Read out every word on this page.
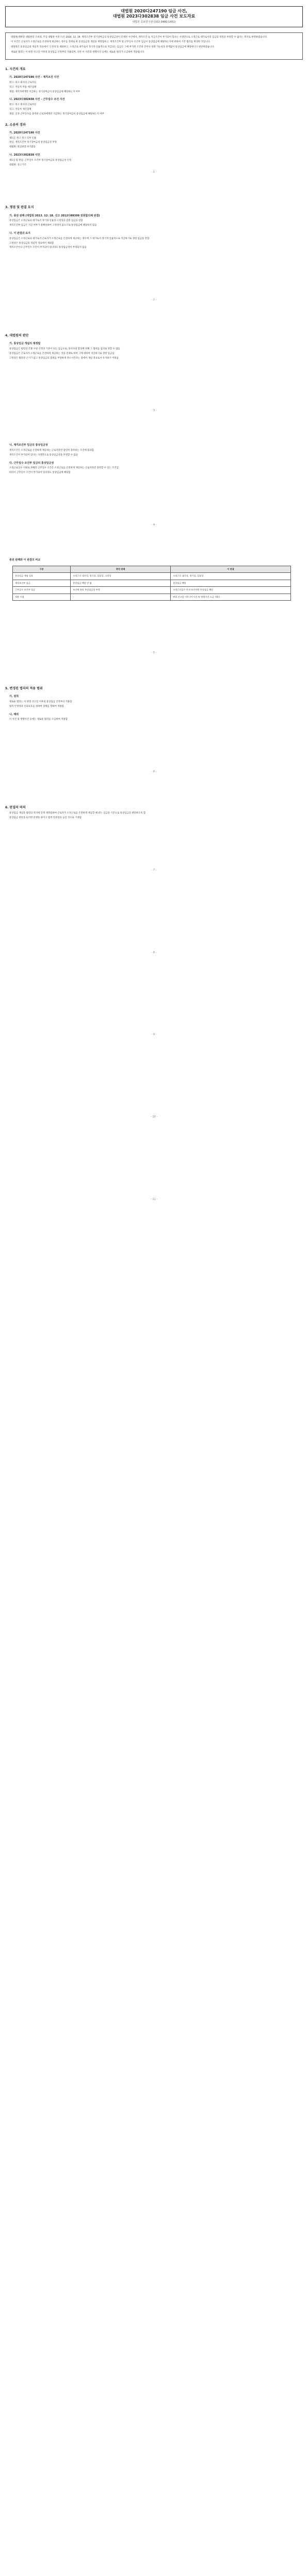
대법원 2020다247190 임금 사건,
대법원 2023다302838 임금 사건 보도자료
대법원 공보연구관실(02-3480-1451)

대법원(재판장 대법원장 조희대, 주심 대법관 이흥구)은 2024. 12. 19. 재직조건부 정기상여금의 통상임금성이 문제된 사건에서, 재직조건 등 지급조건이 부가되어 있다는 사정만으로 소정근로 대가로서의 임금의 성질을 부정할 수 없다는 취지로 판결하였습니다.

이 사건은 근로자가 소정근로를 온전하게 제공하는 경우를 전제로 한 통상임금의 개념을 재정립하고, 재직조건부 및 근무일수 조건부 임금이 통상임금에 해당하는지에 관하여 기존 법리를 변경한 것입니다.

대법원은 통상임금의 개념적 징표에서 '고정성'을 제외하고, 소정근로 대가로서 정기적·일률적으로 지급되는 임금은 그에 부가된 조건의 존부나 성취 가능성과 관계없이 통상임금에 해당한다고 판단하였습니다.

새로운 법리는 이 판결 선고일 이후의 통상임금 산정부터 적용되며, 다만 이 사건과 병행사건 등에는 새로운 법리가 소급하여 적용됩니다.

1. 사건의 개요
가. 2020다247190 사건 – 재직조건 사건

원고: 피고 회사의 근로자들

피고: 자동차 부품 제조업체

쟁점: 재직자에게만 지급하는 정기상여금이 통상임금에 해당하는지 여부

나. 2023다302838 사건 – 근무일수 조건 사건

원고: 피고 회사의 근로자들

피고: 자동차 제조업체

쟁점: 일정 근무일수를 충족한 근로자에게만 지급하는 정기상여금이 통상임금에 해당하는지 여부

2. 소송의 경과
가. 2020다247190 사건

제1심: 원고 청구 일부 인용

원심: 재직조건부 정기상여금의 통상임금성 부정

대법원: 원심판결 파기환송

나. 2023다302838 사건

제1심 및 원심: 근무일수 조건부 정기상여금의 통상임금성 인정

대법원: 상고기각

- 1 -
3. 쟁점 및 판결 요지
가. 종전 판례 (대법원 2013. 12. 18. 선고 2012다89399 전원합의체 판결)

통상임금은 소정근로의 대가로서 정기성·일률성·고정성을 갖춘 임금을 말함

재직조건부 임금은 지급 여부가 불확실하여 고정성이 없으므로 통상임금에 해당하지 않음

나. 이 판결의 요지

통상임금은 소정근로의 대가로서 근로자가 소정근로를 온전하게 제공하는 경우에 그 대가로서 정기적·일률적으로 지급하기로 정한 임금을 말함

고정성은 통상임금의 개념적 징표에서 제외함

재직조건이나 근무일수 조건이 부가되어 있더라도 통상임금성이 부정되지 않음

- 2 -
4. 대법원의 판단
가. 통상임금 개념의 재정립

통상임금은 법령상 각종 수당 산정의 기준이 되는 임금으로, 당사자의 합의에 의해 그 범위를 임의로 정할 수 없음

통상임금은 근로자가 소정근로를 온전하게 제공하는 것을 전제로 하여 그에 대하여 지급하기로 정한 임금임

고정성은 법령상 근거가 없고 통상임금의 범위를 부당하게 축소시킨다는 점에서 개념 징표로서 유지하기 어려움

- 3 -
나. 재직조건부 임금의 통상임금성

재직조건은 소정근로를 온전하게 제공하는 근로자라면 당연히 충족하는 조건에 불과함

재직조건이 부가되어 있다는 사정만으로 통상임금성을 부정할 수 없음

다. 근무일수 조건부 임금의 통상임금성

소정근로일수 이내로 정해진 근무일수 조건은 소정근로를 온전하게 제공하는 근로자라면 충족할 수 있는 조건임

따라서 근무일수 조건이 부가되어 있더라도 통상임금에 해당함

- 4 -
종전 판례와 이 판결의 비교
구분	종전 판례	이 판결
통상임금 개념 징표	소정근로 대가성, 정기성, 일률성, 고정성	소정근로 대가성, 정기성, 일률성
재직조건부 임금	통상임금 해당 안 됨	통상임금 해당
근무일수 조건부 임금	조건에 따라 통상임금성 부정	소정근로일수 이내 조건이면 통상임금 해당
적용 시점	-	판결 선고일 이후 (이 사건 및 병행사건 소급 적용)
- 5 -
5. 변경된 법리의 적용 범위
가. 원칙

새로운 법리는 이 판결 선고일 이후의 통상임금 산정부터 적용함

법적 안정성과 신뢰보호를 위하여 장래를 향하여 적용함

나. 예외

이 사건 및 병행사건 등에는 새로운 법리를 소급하여 적용함

- 6 -
6. 판결의 의의

통상임금 개념을 법령의 취지에 맞게 재정립하여 근로자가 소정근로를 온전하게 제공할 때 받는 임금을 기준으로 통상임금을 판단하도록 함

통상임금 판단을 둘러싼 분쟁을 줄이고 법적 안정성을 높일 것으로 기대됨

- 7 -
- 8 -
- 9 -
- 10 -
- 11 -
